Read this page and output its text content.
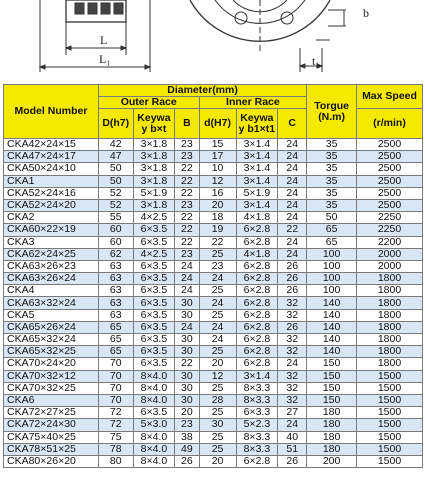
L
L₁	t₁
b
Model Number	Diameter(mm)						Torgue (N.m)	Max Speed
	Outer Race			Inner Race				
	D(h7)	Keywa y b×t	B	d(H7)	Keywa y b1×t1	C		(r/min)
CKA42×24×15	42	3×1.8	23	15	3×1.4	24	35	2500
CKA47×24×17	47	3×1.8	23	17	3×1.4	24	35	2500
CKA50×24×10	50	3×1.8	22	10	3×1.4	24	35	2500
CKA1	50	3×1.8	22	12	3×1.4	24	35	2500
CKA52×24×16	52	5×1.9	22	16	5×1.9	24	35	2500
CKA52×24×20	52	3×1.8	23	20	3×1.4	24	35	2500
CKA2	55	4×2.5	22	18	4×1.8	24	50	2250
CKA60×22×19	60	6×3.5	22	19	6×2.8	22	65	2250
CKA3	60	6×3.5	22	22	6×2.8	24	65	2200
CKA62×24×25	62	4×2.5	23	25	4×1.8	24	100	2000
CKA63×26×23	63	6×3.5	24	23	6×2.8	26	100	2000
CKA63×26×24	63	6×3.5	24	24	6×2.8	26	100	1800
CKA4	63	6×3.5	24	25	6×2.8	26	100	1800
CKA63×32×24	63	6×3.5	30	24	6×2.8	32	140	1800
CKA5	63	6×3.5	30	25	6×2.8	32	140	1800
CKA65×26×24	65	6×3.5	24	24	6×2.8	26	140	1800
CKA65×32×24	65	6×3.5	30	24	6×2.8	32	140	1800
CKA65×32×25	65	6×3.5	30	25	6×2.8	32	140	1800
CKA70×24×20	70	6×3.5	22	20	6×2.8	24	150	1800
CKA70×32×12	70	8×4.0	30	12	3×1.4	32	150	1500
CKA70×32×25	70	8×4.0	30	25	8×3.3	32	150	1500
CKA6	70	8×4.0	30	28	8×3.3	32	150	1500
CKA72×27×25	72	6×3.5	20	25	6×3.3	27	180	1500
CKA72×24×30	72	5×3.0	23	30	5×2.3	24	180	1500
CKA75×40×25	75	8×4.0	38	25	8×3.3	40	180	1500
CKA78×51×25	78	8×4.0	49	25	8×3.3	51	180	1500
CKA80×26×20	80	8×4.0	26	20	6×2.8	26	200	1500
